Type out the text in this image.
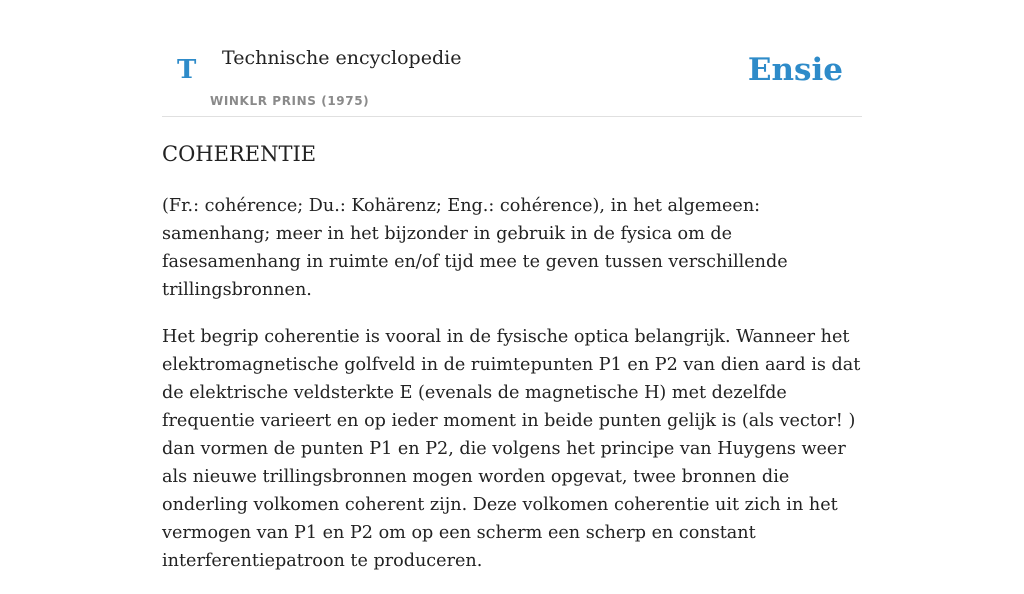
T Technische encyclopedie
WINKLR PRINS (1975)
Ensie
COHERENTIE

(Fr.: cohérence; Du.: Kohärenz; Eng.: cohérence), in het algemeen: samenhang; meer in het bijzonder in gebruik in de fysica om de fasesamenhang in ruimte en/of tijd mee te geven tussen verschillende trillingsbronnen.

Het begrip coherentie is vooral in de fysische optica belangrijk. Wanneer het elektromagnetische golfveld in de ruimtepunten P1 en P2 van dien aard is dat de elektrische veldsterkte E (evenals de magnetische H) met dezelfde frequentie varieert en op ieder moment in beide punten gelijk is (als vector! ) dan vormen de punten P1 en P2, die volgens het principe van Huygens weer als nieuwe trillingsbronnen mogen worden opgevat, twee bronnen die onderling volkomen coherent zijn. Deze volkomen coherentie uit zich in het vermogen van P1 en P2 om op een scherm een scherp en constant interferentiepatroon te produceren.
